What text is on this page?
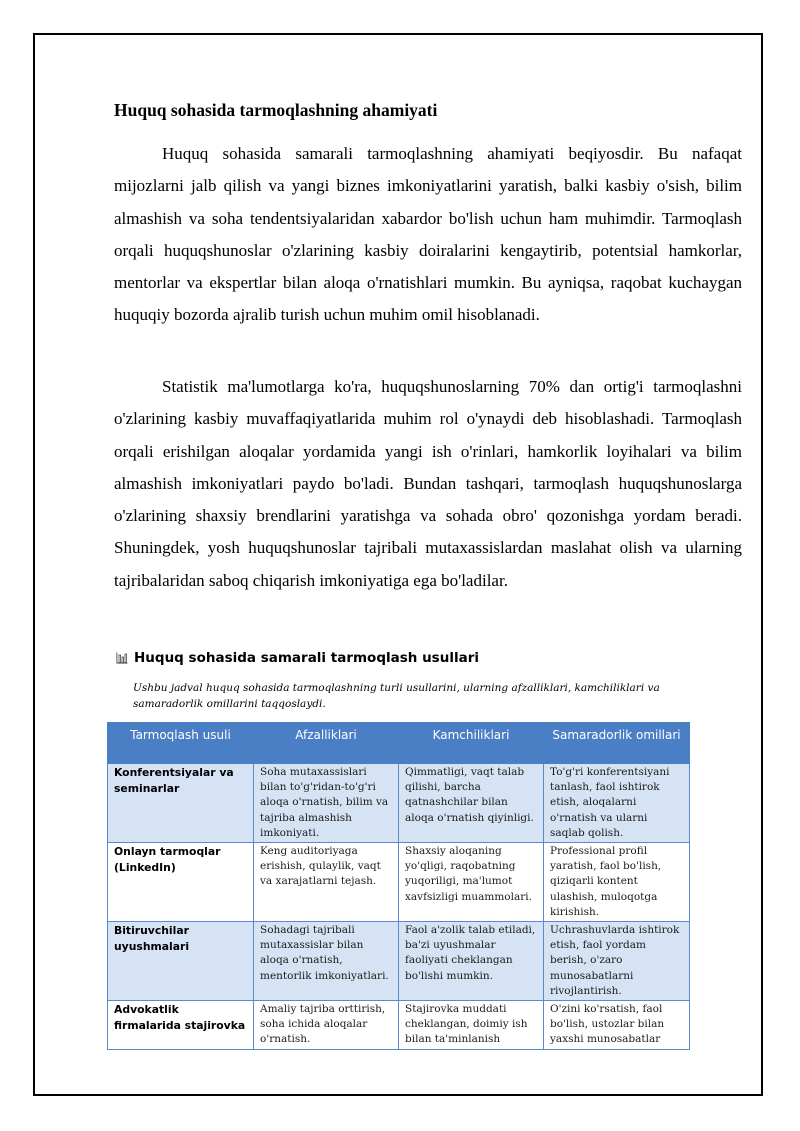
Huquq sohasida tarmoqlashning ahamiyati

Huquq sohasida samarali tarmoqlashning ahamiyati beqiyosdir. Bu nafaqat mijozlarni jalb qilish va yangi biznes imkoniyatlarini yaratish, balki kasbiy o'sish, bilim almashish va soha tendentsiyalaridan xabardor bo'lish uchun ham muhimdir. Tarmoqlash orqali huquqshunoslar o'zlarining kasbiy doiralarini kengaytirib, potentsial hamkorlar, mentorlar va ekspertlar bilan aloqa o'rnatishlari mumkin. Bu ayniqsa, raqobat kuchaygan huquqiy bozorda ajralib turish uchun muhim omil hisoblanadi.

Statistik ma'lumotlarga ko'ra, huquqshunoslarning 70% dan ortig'i tarmoqlashni o'zlarining kasbiy muvaffaqiyatlarida muhim rol o'ynaydi deb hisoblashadi. Tarmoqlash orqali erishilgan aloqalar yordamida yangi ish o'rinlari, hamkorlik loyihalari va bilim almashish imkoniyatlari paydo bo'ladi. Bundan tashqari, tarmoqlash huquqshunoslarga o'zlarining shaxsiy brendlarini yaratishga va sohada obro' qozonishga yordam beradi. Shuningdek, yosh huquqshunoslar tajribali mutaxassislardan maslahat olish va ularning tajribalaridan saboq chiqarish imkoniyatiga ega bo'ladilar.

Huquq sohasida samarali tarmoqlash usullari
Ushbu jadval huquq sohasida tarmoqlashning turli usullarini, ularning afzalliklari, kamchiliklari va samaradorlik omillarini taqqoslaydi.
Tarmoqlash usuli	Afzalliklari	Kamchiliklari	Samaradorlik omillari
Konferentsiyalar va seminarlar	Soha mutaxassislari bilan to'g'ridan-to'g'ri aloqa o'rnatish, bilim va tajriba almashish imkoniyati.	Qimmatligi, vaqt talab qilishi, barcha qatnashchilar bilan aloqa o'rnatish qiyinligi.	To'g'ri konferentsiyani tanlash, faol ishtirok etish, aloqalarni o'rnatish va ularni saqlab qolish.
Onlayn tarmoqlar (LinkedIn)	Keng auditoriyaga erishish, qulaylik, vaqt va xarajatlarni tejash.	Shaxsiy aloqaning yo'qligi, raqobatning yuqoriligi, ma'lumot xavfsizligi muammolari.	Professional profil yaratish, faol bo'lish, qiziqarli kontent ulashish, muloqotga kirishish.
Bitiruvchilar uyushmalari	Sohadagi tajribali mutaxassislar bilan aloqa o'rnatish, mentorlik imkoniyatlari.	Faol a'zolik talab etiladi, ba'zi uyushmalar faoliyati cheklangan bo'lishi mumkin.	Uchrashuvlarda ishtirok etish, faol yordam berish, o'zaro munosabatlarni rivojlantirish.
Advokatlik firmalarida stajirovka	Amaliy tajriba orttirish, soha ichida aloqalar o'rnatish.	Stajirovka muddati cheklangan, doimiy ish bilan ta'minlanish	O'zini ko'rsatish, faol bo'lish, ustozlar bilan yaxshi munosabatlar
